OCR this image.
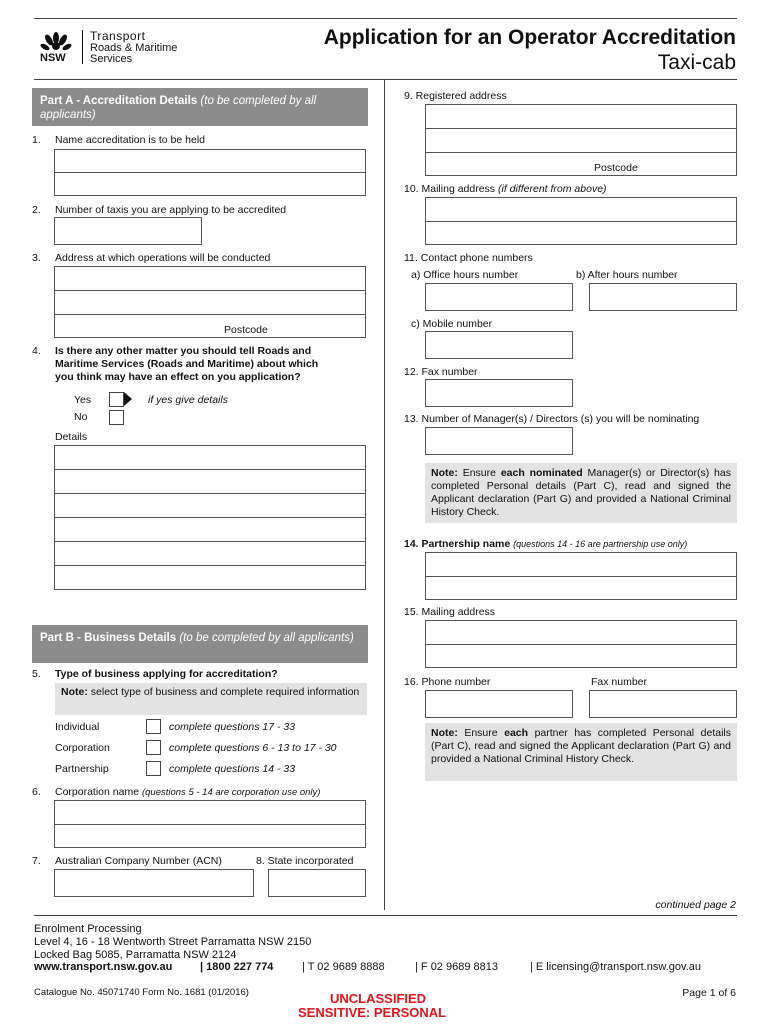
NSW
Transport
Roads & Maritime
Services
Application for an Operator Accreditation
Taxi-cab
Part A - Accreditation Details (to be completed by all applicants)
1. Name accreditation is to be held
2. Number of taxis you are applying to be accredited
3. Address at which operations will be conducted
Postcode
4. Is there any other matter you should tell Roads and
Maritime Services (Roads and Maritime) about which
you think may have an effect on you application?
Yes	if yes give details
No
Details
Part B - Business Details (to be completed by all applicants)
5. Type of business applying for accreditation?
Note: select type of business and complete required information
Individual	complete questions 17 - 33
Corporation	complete questions 6 - 13 to 17 - 30
Partnership	complete questions 14 - 33
6. Corporation name (questions 5 - 14 are corporation use only)
7. Australian Company Number (ACN)	8. State incorporated
9. Registered address
Postcode
10. Mailing address (if different from above)
11. Contact phone numbers
a) Office hours number	b) After hours number
c) Mobile number
12. Fax number
13. Number of Manager(s) / Directors (s) you will be nominating
Note: Ensure each nominated Manager(s) or Director(s) has completed Personal details (Part C), read and signed the Applicant declaration (Part G) and provided a National Criminal History Check.
14. Partnership name (questions 14 - 16 are partnership use only)
15. Mailing address
16. Phone number	Fax number
Note: Ensure each partner has completed Personal details (Part C), read and signed the Applicant declaration (Part G) and provided a National Criminal History Check.
continued page 2
Enrolment Processing
Level 4, 16 - 18 Wentworth Street Parramatta NSW 2150
Locked Bag 5085, Parramatta NSW 2124
www.transport.nsw.gov.au	| 1800 227 774	| T 02 9689 8888	| F 02 9689 8813	| E licensing@transport.nsw.gov.au
Catalogue No. 45071740 Form No. 1681 (01/2016)	UNCLASSIFIED
SENSITIVE: PERSONAL
Page 1 of 6
